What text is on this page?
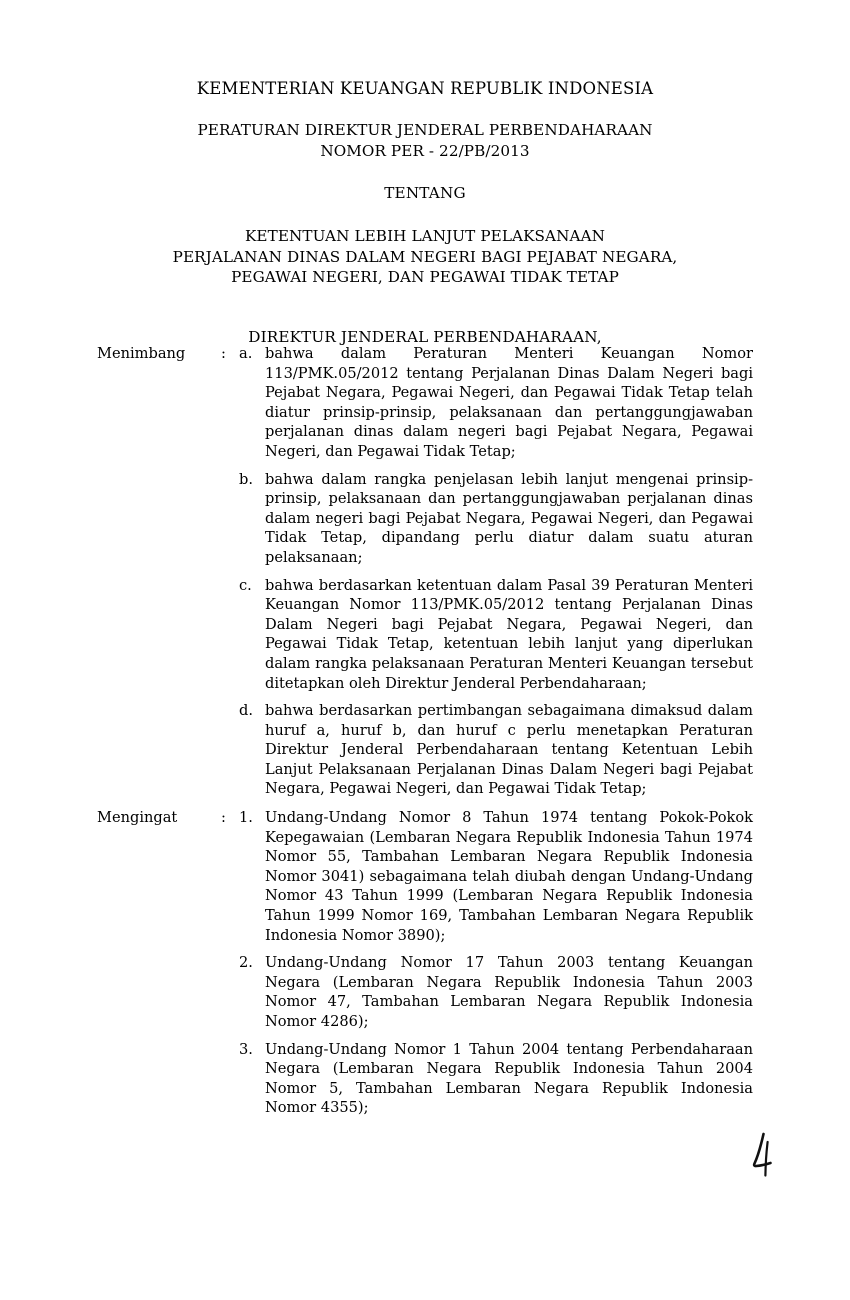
KEMENTERIAN KEUANGAN REPUBLIK INDONESIA
PERATURAN DIREKTUR JENDERAL PERBENDAHARAAN
NOMOR PER - 22/PB/2013
TENTANG
KETENTUAN LEBIH LANJUT PELAKSANAAN
PERJALANAN DINAS DALAM NEGERI BAGI PEJABAT NEGARA,
PEGAWAI NEGERI, DAN PEGAWAI TIDAK TETAP
DIREKTUR JENDERAL PERBENDAHARAAN,
Menimbang	: a. bahwa dalam Peraturan Menteri Keuangan Nomor 113/PMK.05/2012 tentang Perjalanan Dinas Dalam Negeri bagi Pejabat Negara, Pegawai Negeri, dan Pegawai Tidak Tetap telah diatur prinsip-prinsip, pelaksanaan dan pertanggungjawaban perjalanan dinas dalam negeri bagi Pejabat Negara, Pegawai Negeri, dan Pegawai Tidak Tetap;
b. bahwa dalam rangka penjelasan lebih lanjut mengenai prinsip-prinsip, pelaksanaan dan pertanggungjawaban perjalanan dinas dalam negeri bagi Pejabat Negara, Pegawai Negeri, dan Pegawai Tidak Tetap, dipandang perlu diatur dalam suatu aturan pelaksanaan;
c. bahwa berdasarkan ketentuan dalam Pasal 39 Peraturan Menteri Keuangan Nomor 113/PMK.05/2012 tentang Perjalanan Dinas Dalam Negeri bagi Pejabat Negara, Pegawai Negeri, dan Pegawai Tidak Tetap, ketentuan lebih lanjut yang diperlukan dalam rangka pelaksanaan Peraturan Menteri Keuangan tersebut ditetapkan oleh Direktur Jenderal Perbendaharaan;
d. bahwa berdasarkan pertimbangan sebagaimana dimaksud dalam huruf a, huruf b, dan huruf c perlu menetapkan Peraturan Direktur Jenderal Perbendaharaan tentang Ketentuan Lebih Lanjut Pelaksanaan Perjalanan Dinas Dalam Negeri bagi Pejabat Negara, Pegawai Negeri, dan Pegawai Tidak Tetap;
Mengingat	: 1. Undang-Undang Nomor 8 Tahun 1974 tentang Pokok-Pokok Kepegawaian (Lembaran Negara Republik Indonesia Tahun 1974 Nomor 55, Tambahan Lembaran Negara Republik Indonesia Nomor 3041) sebagaimana telah diubah dengan Undang-Undang Nomor 43 Tahun 1999 (Lembaran Negara Republik Indonesia Tahun 1999 Nomor 169, Tambahan Lembaran Negara Republik Indonesia Nomor 3890);
2. Undang-Undang Nomor 17 Tahun 2003 tentang Keuangan Negara (Lembaran Negara Republik Indonesia Tahun 2003 Nomor 47, Tambahan Lembaran Negara Republik Indonesia Nomor 4286);
3. Undang-Undang Nomor 1 Tahun 2004 tentang Perbendaharaan Negara (Lembaran Negara Republik Indonesia Tahun 2004 Nomor 5, Tambahan Lembaran Negara Republik Indonesia Nomor 4355);
